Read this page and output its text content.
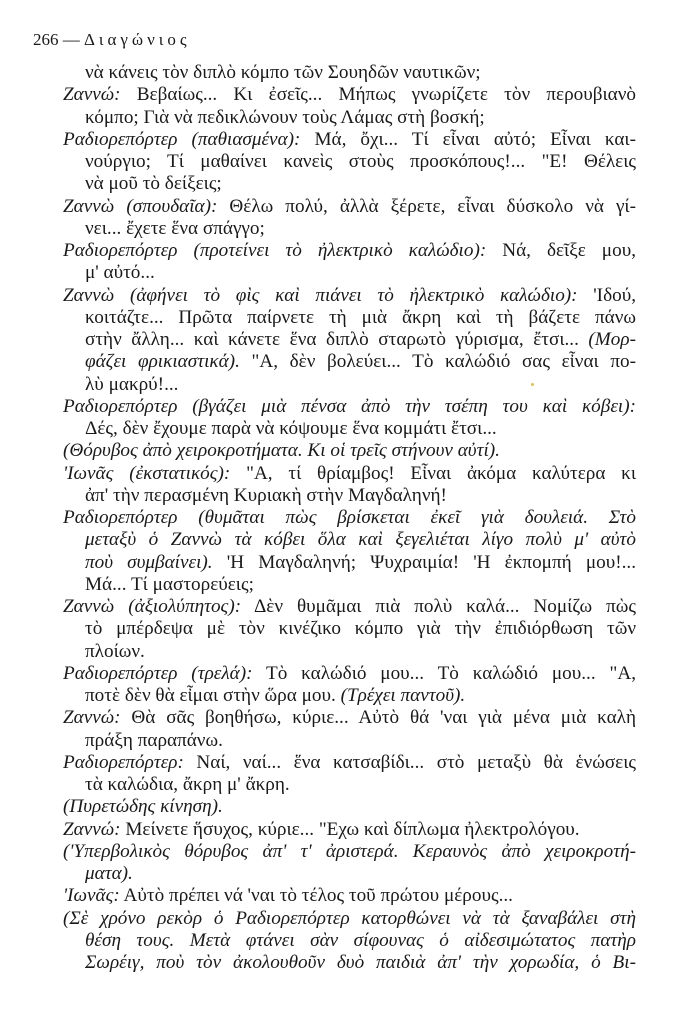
266 — Διαγώνιος
νὰ κάνεις τὸν διπλὸ κόμπο τῶν Σουηδῶν ναυτικῶν;
Ζαννώ: Βεβαίως... Κι ἐσεῖς... Μήπως γνωρίζετε τὸν περουβιανὸ
κόμπο; Γιὰ νὰ πεδικλώνουν τοὺς Λάμας στὴ βοσκή;
Ραδιορεπόρτερ (παθιασμένα): Μά, ὄχι... Τί εἶναι αὐτό; Εἶναι και-
νούργιο; Τί μαθαίνει κανεὶς στοὺς προσκόπους!... "Ε! Θέλεις
νὰ μοῦ τὸ δείξεις;
Ζαννὼ (σπουδαῖα): Θέλω πολύ, ἀλλὰ ξέρετε, εἶναι δύσκολο νὰ γί-
νει... ἔχετε ἕνα σπάγγο;
Ραδιορεπόρτερ (προτείνει τὸ ἠλεκτρικὸ καλώδιο): Νά, δεῖξε μου,
μ' αὐτό...
Ζαννὼ (ἀφήνει τὸ φὶς καὶ πιάνει τὸ ἠλεκτρικὸ καλώδιο): 'Ιδού,
κοιτάζτε... Πρῶτα παίρνετε τὴ μιὰ ἄκρη καὶ τὴ βάζετε πάνω
στὴν ἄλλη... καὶ κάνετε ἕνα διπλὸ σταρωτὸ γύρισμα, ἔτσι... (Μορ-
φάζει φρικιαστικά). "Α, δὲν βολεύει... Τὸ καλώδιό σας εἶναι πο-
λὺ μακρύ!...
Ραδιορεπόρτερ (βγάζει μιὰ πένσα ἀπὸ τὴν τσέπη του καὶ κόβει):
Δές, δὲν ἔχουμε παρὰ νὰ κόψουμε ἕνα κομμάτι ἔτσι...
(Θόρυβος ἀπὸ χειροκροτήματα. Κι οἱ τρεῖς στήνουν αὐτί).
'Ιωνᾶς (ἐκστατικός): "Α, τί θρίαμβος! Εἶναι ἀκόμα καλύτερα κι
ἀπ' τὴν περασμένη Κυριακὴ στὴν Μαγδαληνή!
Ραδιορεπόρτερ (θυμᾶται πὼς βρίσκεται ἐκεῖ γιὰ δουλειά. Στὸ
μεταξὺ ὁ Ζαννὼ τὰ κόβει ὅλα καὶ ξεγελιέται λίγο πολὺ μ' αὐτὸ
ποὺ συμβαίνει). 'Η Μαγδαληνή; Ψυχραιμία! 'Η ἐκπομπή μου!...
Μά... Τί μαστορεύεις;
Ζαννὼ (ἀξιολύπητος): Δὲν θυμᾶμαι πιὰ πολὺ καλά... Νομίζω πὼς
τὸ μπέρδεψα μὲ τὸν κινέζικο κόμπο γιὰ τὴν ἐπιδιόρθωση τῶν
πλοίων.
Ραδιορεπόρτερ (τρελά): Τὸ καλώδιό μου... Τὸ καλώδιό μου... "Α,
ποτὲ δὲν θὰ εἶμαι στὴν ὥρα μου. (Τρέχει παντοῦ).
Ζαννώ: Θὰ σᾶς βοηθήσω, κύριε... Αὐτὸ θά 'ναι γιὰ μένα μιὰ καλὴ
πράξη παραπάνω.
Ραδιορεπόρτερ: Ναί, ναί... ἕνα κατσαβίδι... στὸ μεταξὺ θὰ ἑνώσεις
τὰ καλώδια, ἄκρη μ' ἄκρη.
(Πυρετώδης κίνηση).
Ζαννώ: Μείνετε ἥσυχος, κύριε... "Εχω καὶ δίπλωμα ἠλεκτρολόγου.
('Υπερβολικὸς θόρυβος ἀπ' τ' ἀριστερά. Κεραυνὸς ἀπὸ χειροκροτή-
ματα).
'Ιωνᾶς: Αὐτὸ πρέπει νά 'ναι τὸ τέλος τοῦ πρώτου μέρους...
(Σὲ χρόνο ρεκὸρ ὁ Ραδιορεπόρτερ κατορθώνει νὰ τὰ ξαναβάλει στὴ
θέση τους. Μετὰ φτάνει σὰν σίφουνας ὁ αἰδεσιμώτατος πατὴρ
Σωρέιγ, ποὺ τὸν ἀκολουθοῦν δυὸ παιδιὰ ἀπ' τὴν χορωδία, ὁ Βι-
